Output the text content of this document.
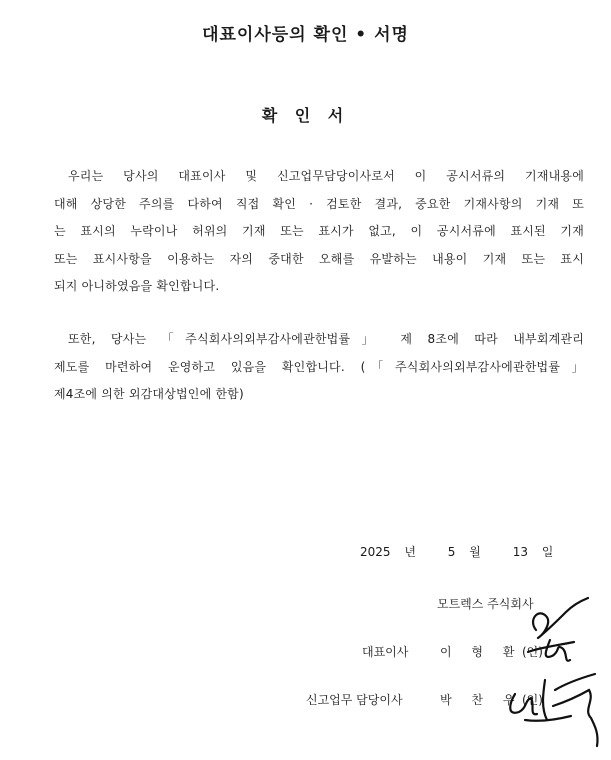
대표이사등의 확인 • 서명
확 인 서
우리는 당사의 대표이사 및 신고업무담당이사로서 이 공시서류의 기재내용에
대해 상당한 주의를 다하여 직접 확인 · 검토한 결과, 중요한 기재사항의 기재 또
는 표시의 누락이나 허위의 기재 또는 표시가 없고, 이 공시서류에 표시된 기재
또는 표시사항을 이용하는 자의 중대한 오해를 유발하는 내용이 기재 또는 표시
되지 아니하였음을 확인합니다.
또한, 당사는 「주식회사의외부감사에관한법률」 제 8조에 따라 내부회계관리
제도를 마련하여 운영하고 있음을 확인합니다. (「주식회사의외부감사에관한법률」
제4조에 의한 외감대상법인에 한함)
2025 년	5 월	13 일
모트렉스 주식회사
대표이사	이 형 환 (인)
신고업무 담당이사	박 찬 우 (인)
